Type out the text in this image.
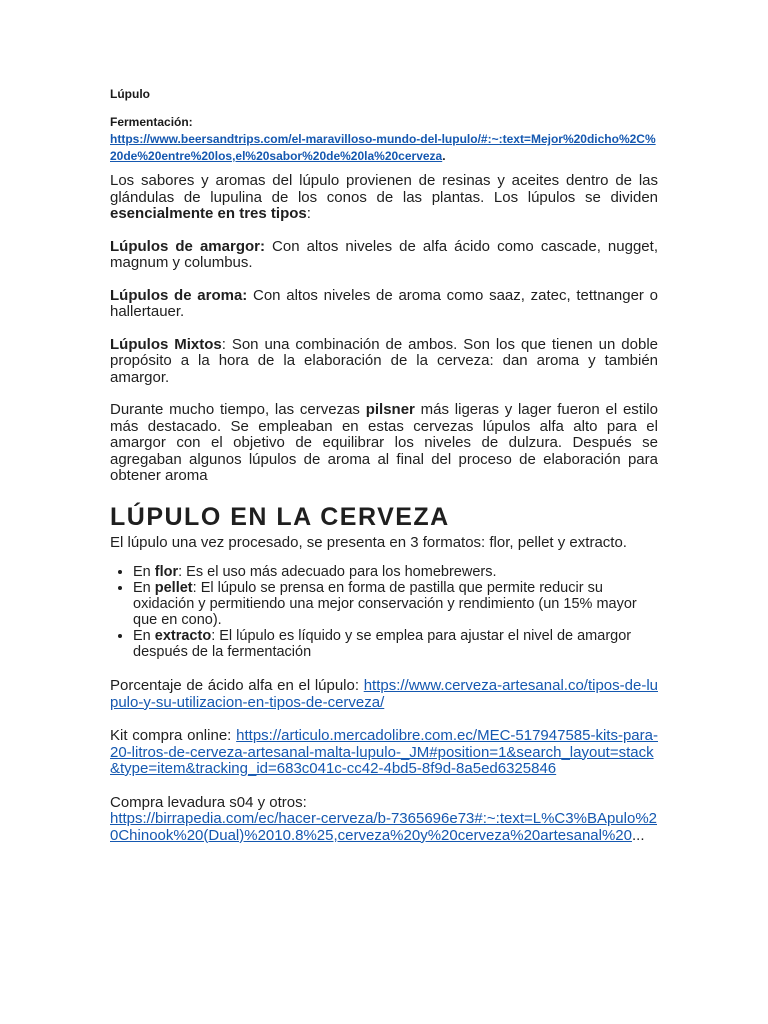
Lúpulo
Fermentación:
https://www.beersandtrips.com/el-maravilloso-mundo-del-lupulo/#:~:text=Mejor%20dicho%2C%20de%20entre%20los,el%20sabor%20de%20la%20cerveza.

Los sabores y aromas del lúpulo provienen de resinas y aceites dentro de las glándulas de lupulina de los conos de las plantas. Los lúpulos se dividen esencialmente en tres tipos:

Lúpulos de amargor: Con altos niveles de alfa ácido como cascade, nugget, magnum y columbus.

Lúpulos de aroma: Con altos niveles de aroma como saaz, zatec, tettnanger o hallertauer.

Lúpulos Mixtos: Son una combinación de ambos. Son los que tienen un doble propósito a la hora de la elaboración de la cerveza: dan aroma y también amargor.

Durante mucho tiempo, las cervezas pilsner más ligeras y lager fueron el estilo más destacado. Se empleaban en estas cervezas lúpulos alfa alto para el amargor con el objetivo de equilibrar los niveles de dulzura. Después se agregaban algunos lúpulos de aroma al final del proceso de elaboración para obtener aroma

LÚPULO EN LA CERVEZA

El lúpulo una vez procesado, se presenta en 3 formatos: flor, pellet y extracto.

• En flor: Es el uso más adecuado para los homebrewers.
• En pellet: El lúpulo se prensa en forma de pastilla que permite reducir su oxidación y permitiendo una mejor conservación y rendimiento (un 15% mayor que en cono).
• En extracto: El lúpulo es líquido y se emplea para ajustar el nivel de amargor después de la fermentación

Porcentaje de ácido alfa en el lúpulo: https://www.cerveza-artesanal.co/tipos-de-lupulo-y-su-utilizacion-en-tipos-de-cerveza/

Kit compra online: https://articulo.mercadolibre.com.ec/MEC-517947585-kits-para-20-litros-de-cerveza-artesanal-malta-lupulo-_JM#position=1&search_layout=stack&type=item&tracking_id=683c041c-cc42-4bd5-8f9d-8a5ed6325846

Compra levadura s04 y otros:
https://birrapedia.com/ec/hacer-cerveza/b-7365696e73#:~:text=L%C3%BApulo%20Chinook%20(Dual)%2010.8%25,cerveza%20y%20cerveza%20artesanal%20...
